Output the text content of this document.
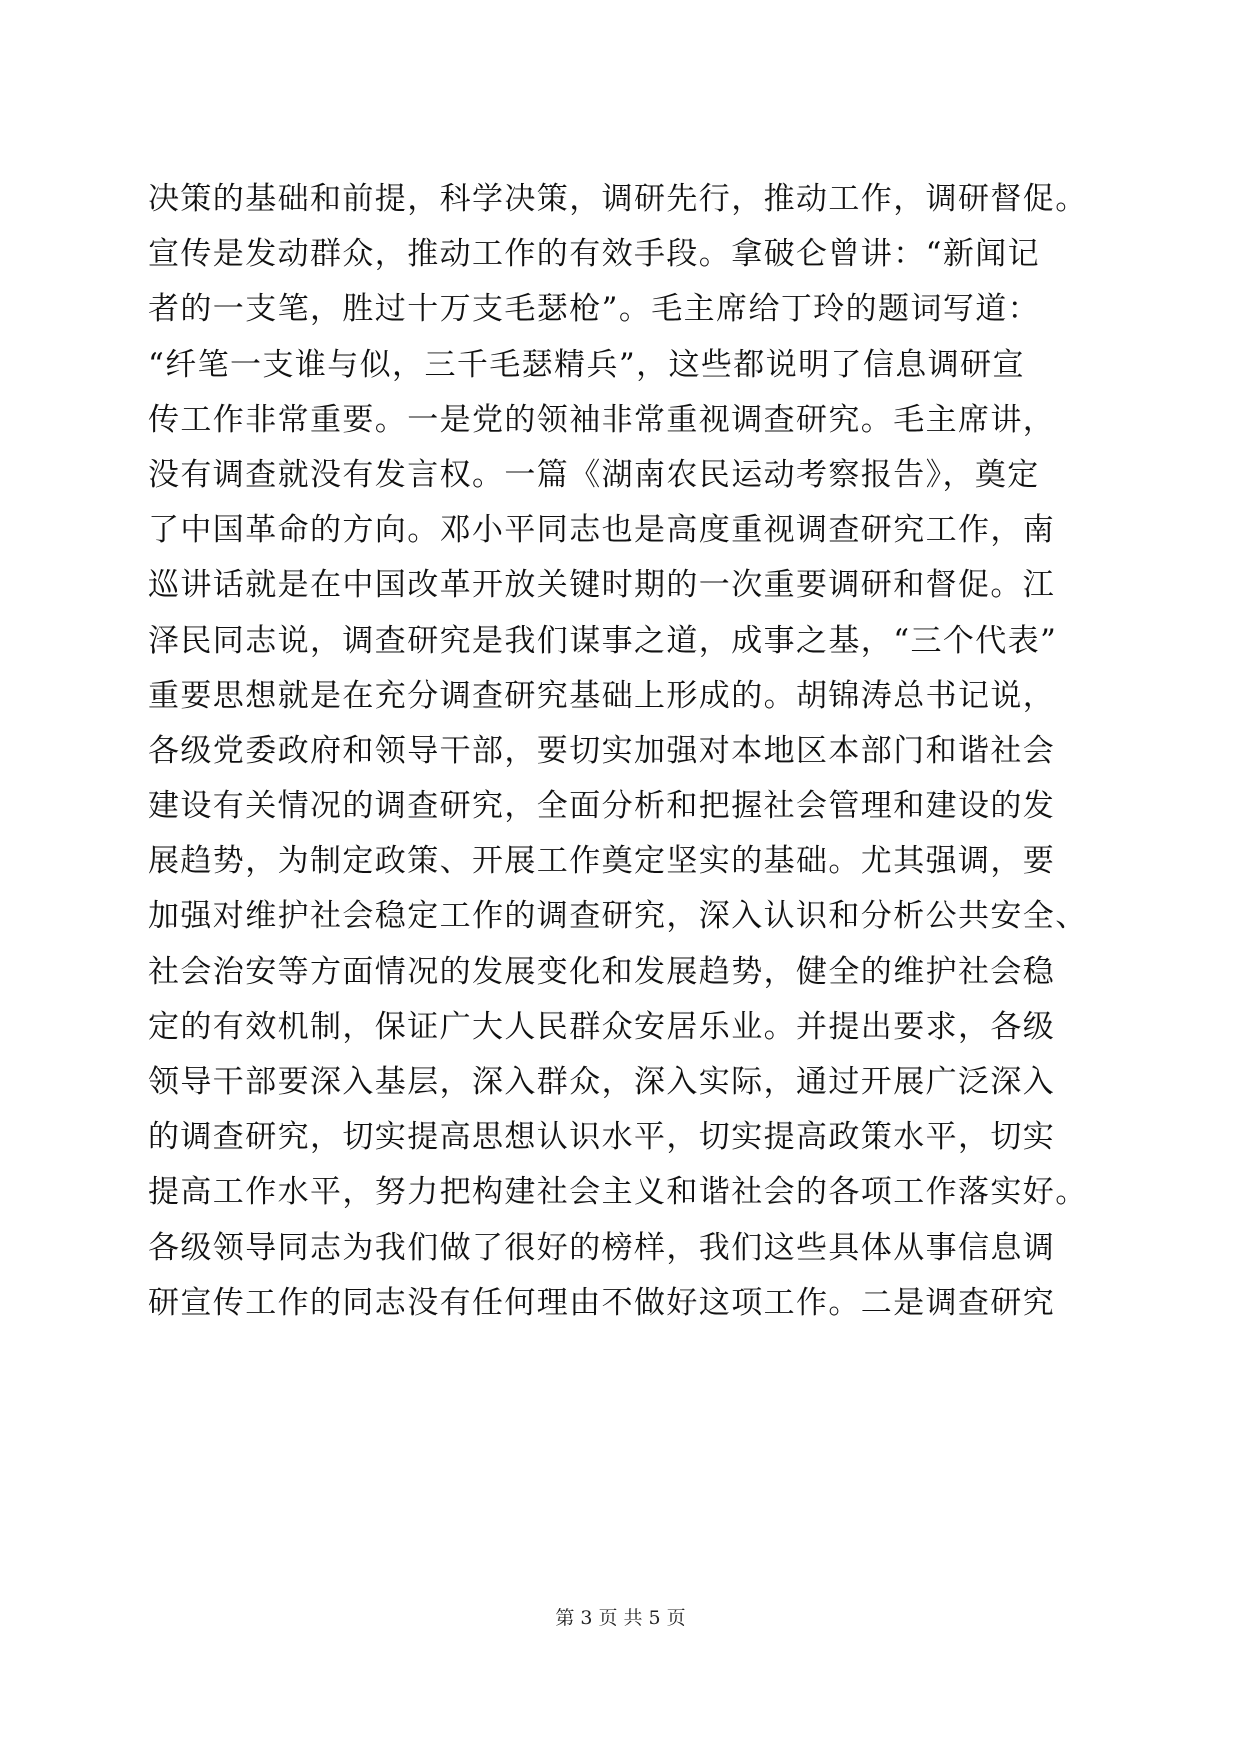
决策的基础和前提，科学决策，调研先行，推动工作，调研督促。
宣传是发动群众，推动工作的有效手段。拿破仑曾讲：“新闻记
者的一支笔，胜过十万支毛瑟枪”。毛主席给丁玲的题词写道：
“纤笔一支谁与似，三千毛瑟精兵”，这些都说明了信息调研宣
传工作非常重要。一是党的领袖非常重视调查研究。毛主席讲，
没有调查就没有发言权。一篇《湖南农民运动考察报告》，奠定
了中国革命的方向。邓小平同志也是高度重视调查研究工作，南
巡讲话就是在中国改革开放关键时期的一次重要调研和督促。江
泽民同志说，调查研究是我们谋事之道，成事之基，“三个代表”
重要思想就是在充分调查研究基础上形成的。胡锦涛总书记说，
各级党委政府和领导干部，要切实加强对本地区本部门和谐社会
建设有关情况的调查研究，全面分析和把握社会管理和建设的发
展趋势，为制定政策、开展工作奠定坚实的基础。尤其强调，要
加强对维护社会稳定工作的调查研究，深入认识和分析公共安全、
社会治安等方面情况的发展变化和发展趋势，健全的维护社会稳
定的有效机制，保证广大人民群众安居乐业。并提出要求，各级
领导干部要深入基层，深入群众，深入实际，通过开展广泛深入
的调查研究，切实提高思想认识水平，切实提高政策水平，切实
提高工作水平，努力把构建社会主义和谐社会的各项工作落实好。
各级领导同志为我们做了很好的榜样，我们这些具体从事信息调
研宣传工作的同志没有任何理由不做好这项工作。二是调查研究
第 3 页 共 5 页
